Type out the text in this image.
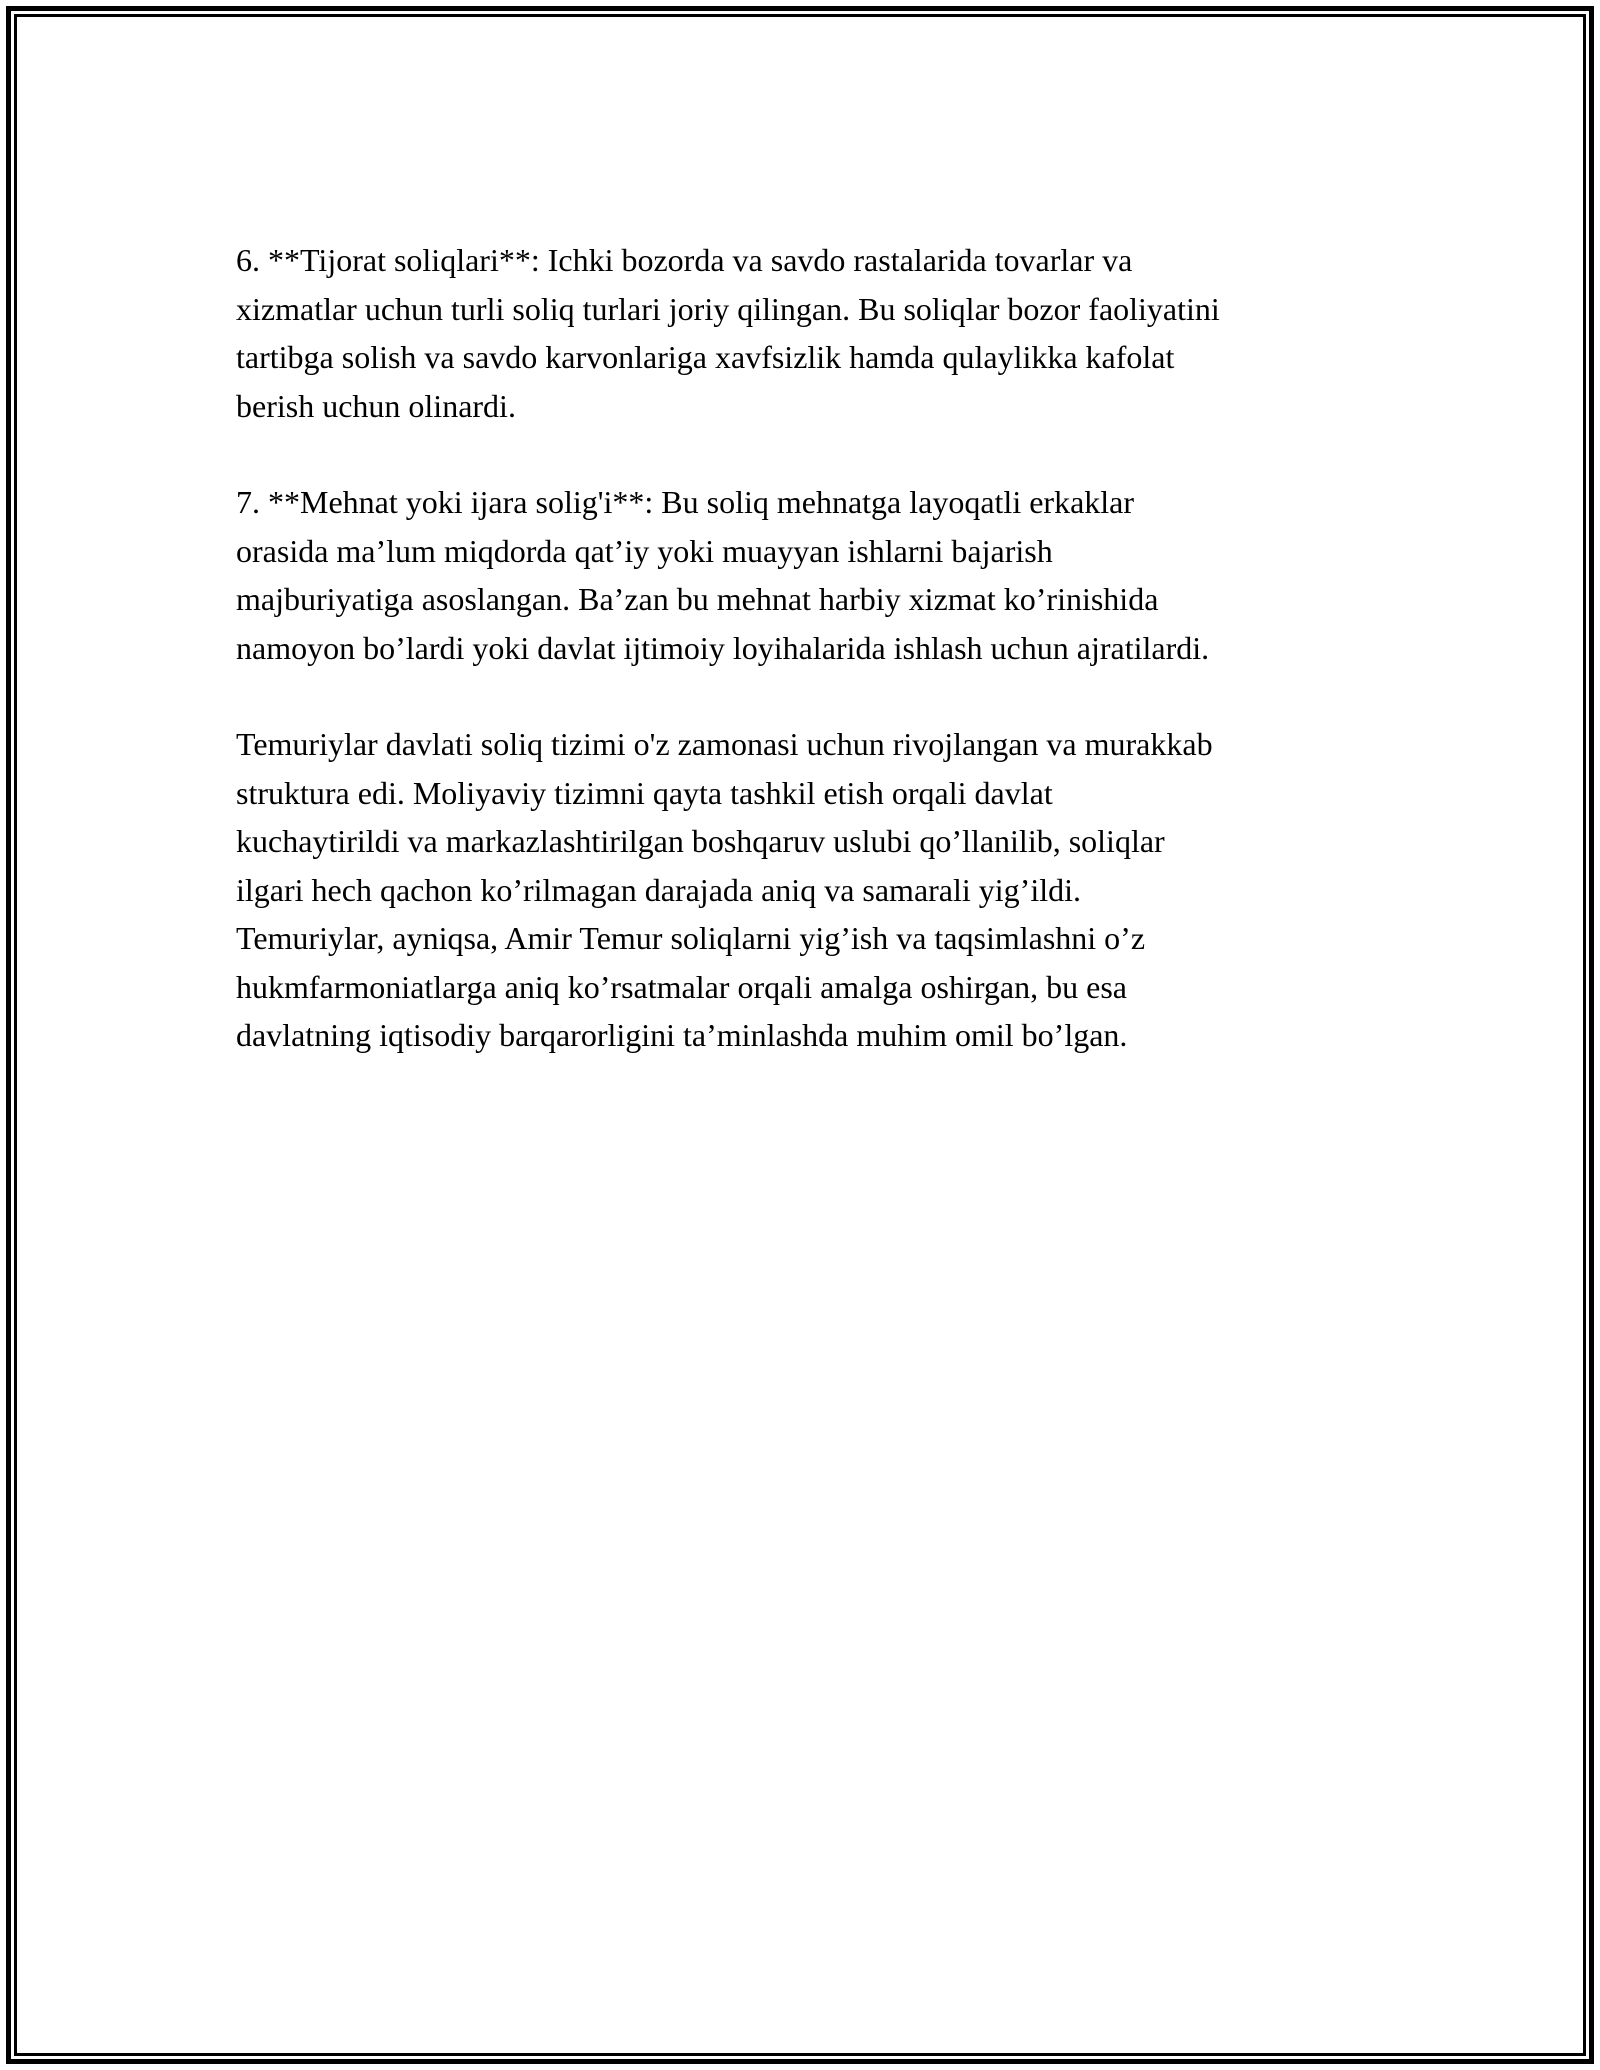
6. **Tijorat soliqlari**: Ichki bozorda va savdo rastalarida tovarlar va
xizmatlar uchun turli soliq turlari joriy qilingan. Bu soliqlar bozor faoliyatini
tartibga solish va savdo karvonlariga xavfsizlik hamda qulaylikka kafolat
berish uchun olinardi.

7. **Mehnat yoki ijara solig'i**: Bu soliq mehnatga layoqatli erkaklar
orasida ma’lum miqdorda qat’iy yoki muayyan ishlarni bajarish
majburiyatiga asoslangan. Ba’zan bu mehnat harbiy xizmat ko’rinishida
namoyon bo’lardi yoki davlat ijtimoiy loyihalarida ishlash uchun ajratilardi.

Temuriylar davlati soliq tizimi o'z zamonasi uchun rivojlangan va murakkab
struktura edi. Moliyaviy tizimni qayta tashkil etish orqali davlat
kuchaytirildi va markazlashtirilgan boshqaruv uslubi qo’llanilib, soliqlar
ilgari hech qachon ko’rilmagan darajada aniq va samarali yig’ildi.
Temuriylar, ayniqsa, Amir Temur soliqlarni yig’ish va taqsimlashni o’z
hukmfarmoniatlarga aniq ko’rsatmalar orqali amalga oshirgan, bu esa
davlatning iqtisodiy barqarorligini ta’minlashda muhim omil bo’lgan.
